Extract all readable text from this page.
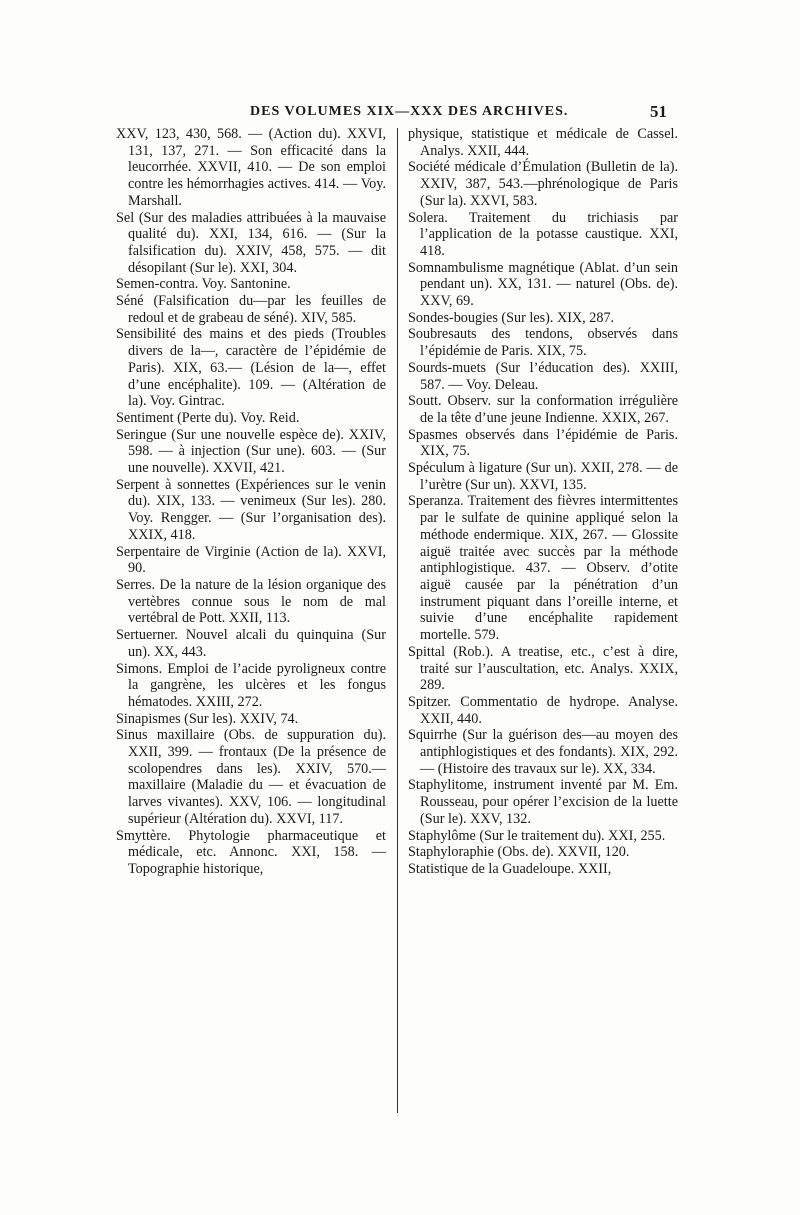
DES VOLUMES XIX—XXX DES ARCHIVES.	51

XXV, 123, 430, 568. — (Action du). XXVI, 131, 137, 271. — Son efficacité dans la leucorrhée. XXVII, 410. — De son emploi contre les hémorrhagies actives. 414. — Voy. Marshall.

Sel (Sur des maladies attribuées à la mauvaise qualité du). XXI, 134, 616. — (Sur la falsification du). XXIV, 458, 575. — dit désopilant (Sur le). XXI, 304.

Semen-contra. Voy. Santonine.

Séné (Falsification du—par les feuilles de redoul et de grabeau de séné). XIV, 585.

Sensibilité des mains et des pieds (Troubles divers de la—, caractère de l’épidémie de Paris). XIX, 63.— (Lésion de la—, effet d’une encéphalite). 109. — (Altération de la). Voy. Gintrac.

Sentiment (Perte du). Voy. Reid.

Seringue (Sur une nouvelle espèce de). XXIV, 598. — à injection (Sur une). 603. — (Sur une nouvelle). XXVII, 421.

Serpent à sonnettes (Expériences sur le venin du). XIX, 133. — venimeux (Sur les). 280. Voy. Rengger. — (Sur l’organisation des). XXIX, 418.

Serpentaire de Virginie (Action de la). XXVI, 90.

Serres. De la nature de la lésion organique des vertèbres connue sous le nom de mal vertébral de Pott. XXII, 113.

Sertuerner. Nouvel alcali du quinquina (Sur un). XX, 443.

Simons. Emploi de l’acide pyroligneux contre la gangrène, les ulcères et les fongus hématodes. XXIII, 272.

Sinapismes (Sur les). XXIV, 74.

Sinus maxillaire (Obs. de suppuration du). XXII, 399. — frontaux (De la présence de scolopendres dans les). XXIV, 570.—maxillaire (Maladie du — et évacuation de larves vivantes). XXV, 106. — longitudinal supérieur (Altération du). XXVI, 117.

Smyttère. Phytologie pharmaceutique et médicale, etc. Annonc. XXI, 158. — Topographie historique,

physique, statistique et médicale de Cassel. Analys. XXII, 444.

Société médicale d’Émulation (Bulletin de la). XXIV, 387, 543.—phrénologique de Paris (Sur la). XXVI, 583.

Solera. Traitement du trichiasis par l’application de la potasse caustique. XXI, 418.

Somnambulisme magnétique (Ablat. d’un sein pendant un). XX, 131. — naturel (Obs. de). XXV, 69.

Sondes-bougies (Sur les). XIX, 287.

Soubresauts des tendons, observés dans l’épidémie de Paris. XIX, 75.

Sourds-muets (Sur l’éducation des). XXIII, 587. — Voy. Deleau.

Soutt. Observ. sur la conformation irrégulière de la tête d’une jeune Indienne. XXIX, 267.

Spasmes observés dans l’épidémie de Paris. XIX, 75.

Spéculum à ligature (Sur un). XXII, 278. — de l’urètre (Sur un). XXVI, 135.

Speranza. Traitement des fièvres intermittentes par le sulfate de quinine appliqué selon la méthode endermique. XIX, 267. — Glossite aiguë traitée avec succès par la méthode antiphlogistique. 437. — Observ. d’otite aiguë causée par la pénétration d’un instrument piquant dans l’oreille interne, et suivie d’une encéphalite rapidement mortelle. 579.

Spittal (Rob.). A treatise, etc., c’est à dire, traité sur l’auscultation, etc. Analys. XXIX, 289.

Spitzer. Commentatio de hydrope. Analyse. XXII, 440.

Squirrhe (Sur la guérison des—au moyen des antiphlogistiques et des fondants). XIX, 292. — (Histoire des travaux sur le). XX, 334.

Staphylitome, instrument inventé par M. Em. Rousseau, pour opérer l’excision de la luette (Sur le). XXV, 132.

Staphylôme (Sur le traitement du). XXI, 255.

Staphyloraphie (Obs. de). XXVII, 120.

Statistique de la Guadeloupe. XXII,
